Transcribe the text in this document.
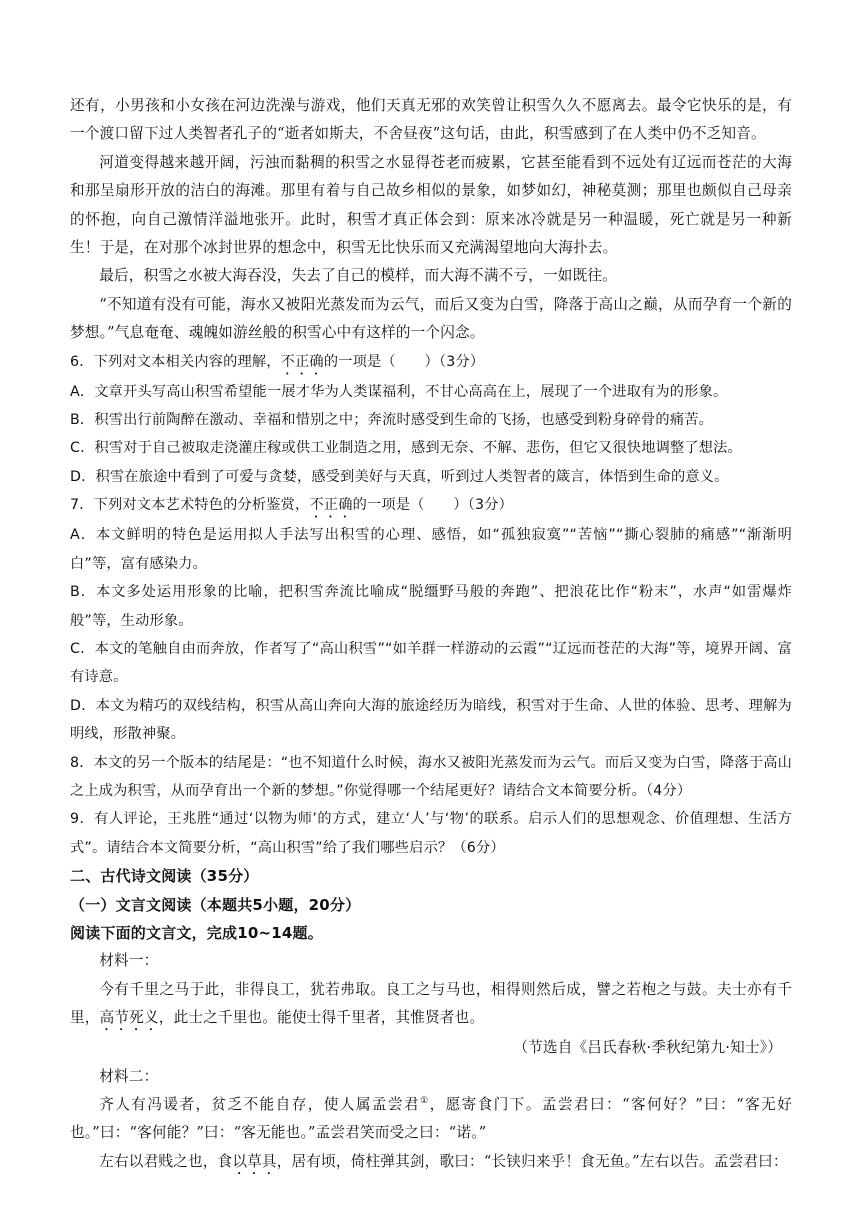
还有，小男孩和小女孩在河边洗澡与游戏，他们天真无邪的欢笑曾让积雪久久不愿离去。最令它快乐的是，有一个渡口留下过人类智者孔子的“逝者如斯夫，不舍昼夜”这句话，由此，积雪感到了在人类中仍不乏知音。

河道变得越来越开阔，污浊而黏稠的积雪之水显得苍老而疲累，它甚至能看到不远处有辽远而苍茫的大海和那呈扇形开放的洁白的海滩。那里有着与自己故乡相似的景象，如梦如幻，神秘莫测；那里也颇似自己母亲的怀抱，向自己激情洋溢地张开。此时，积雪才真正体会到：原来冰冷就是另一种温暖，死亡就是另一种新生！于是，在对那个冰封世界的想念中，积雪无比快乐而又充满渴望地向大海扑去。

最后，积雪之水被大海吞没，失去了自己的模样，而大海不满不亏，一如既往。

“不知道有没有可能，海水又被阳光蒸发而为云气，而后又变为白雪，降落于高山之巅，从而孕育一个新的梦想。”气息奄奄、魂魄如游丝般的积雪心中有这样的一个闪念。

6．下列对文本相关内容的理解，不正确的一项是（　　）（3分）

A．文章开头写高山积雪希望能一展才华为人类谋福利，不甘心高高在上，展现了一个进取有为的形象。

B．积雪出行前陶醉在激动、幸福和惜别之中；奔流时感受到生命的飞扬，也感受到粉身碎骨的痛苦。

C．积雪对于自己被取走浇灌庄稼或供工业制造之用，感到无奈、不解、悲伤，但它又很快地调整了想法。

D．积雪在旅途中看到了可爱与贪婪，感受到美好与天真，听到过人类智者的箴言，体悟到生命的意义。

7．下列对文本艺术特色的分析鉴赏，不正确的一项是（　　）（3分）

A．本文鲜明的特色是运用拟人手法写出积雪的心理、感悟，如“孤独寂寞”“苦恼”“撕心裂肺的痛感”“渐渐明白”等，富有感染力。

B．本文多处运用形象的比喻，把积雪奔流比喻成“脱缰野马般的奔跑”、把浪花比作“粉末”，水声“如雷爆炸般”等，生动形象。

C．本文的笔触自由而奔放，作者写了“高山积雪”“如羊群一样游动的云霞”“辽远而苍茫的大海”等，境界开阔、富有诗意。

D．本文为精巧的双线结构，积雪从高山奔向大海的旅途经历为暗线，积雪对于生命、人世的体验、思考、理解为明线，形散神聚。

8．本文的另一个版本的结尾是：“也不知道什么时候，海水又被阳光蒸发而为云气。而后又变为白雪，降落于高山之上成为积雪，从而孕育出一个新的梦想。”你觉得哪一个结尾更好？请结合文本简要分析。（4分）

9．有人评论，王兆胜“通过‘以物为师’的方式，建立‘人’与‘物’的联系。启示人们的思想观念、价值理想、生活方式”。请结合本文简要分析，“高山积雪”给了我们哪些启示？（6分）

二、古代诗文阅读（35分）

（一）文言文阅读（本题共5小题，20分）

阅读下面的文言文，完成10~14题。

材料一：

今有千里之马于此，非得良工，犹若弗取。良工之与马也，相得则然后成，譬之若枹之与鼓。夫士亦有千里，高节死义，此士之千里也。能使士得千里者，其惟贤者也。

（节选自《吕氏春秋·季秋纪第九·知士》）

材料二：

齐人有冯谖者，贫乏不能自存，使人属孟尝君①，愿寄食门下。孟尝君曰：“客何好？”曰：“客无好也。”曰：“客何能？”曰：“客无能也。”孟尝君笑而受之曰：“诺。”

左右以君贱之也，食以草具，居有顷，倚柱弹其剑，歌曰：“长铗归来乎！食无鱼。”左右以告。孟尝君曰：
